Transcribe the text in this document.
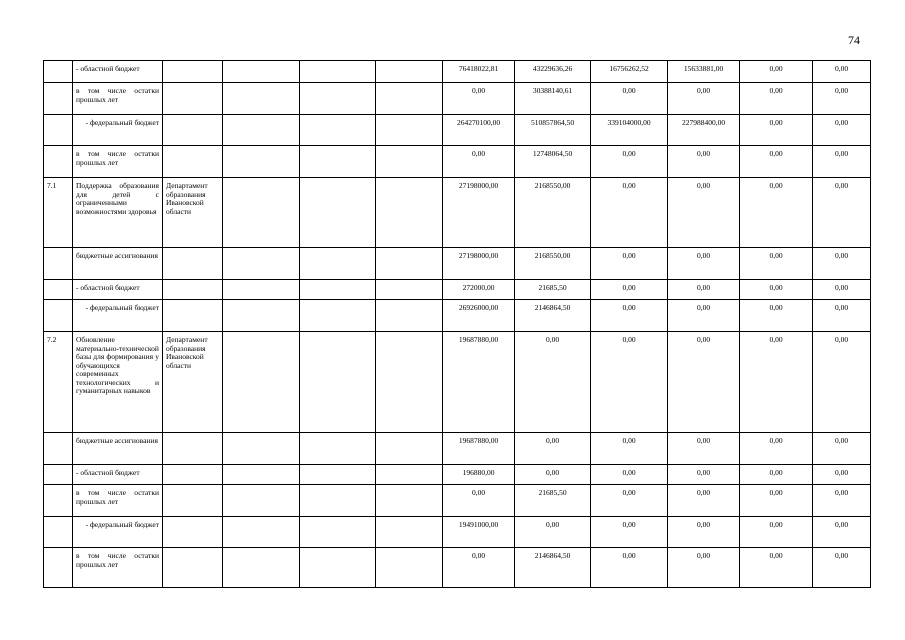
74
	- областной бюджет					76418022,81	43229636,26	16756262,52	15633881,00	0,00	0,00
	в том числе остатки прошлых лет					0,00	30388140,61	0,00	0,00	0,00	0,00
	- федеральный бюджет					264270100,00	510857864,50	339104000,00	227988400,00	0,00	0,00
	в том числе остатки прошлых лет					0,00	12748064,50	0,00	0,00	0,00	0,00
7.1	Поддержка образования для детей с ограниченными возможностями здоровья	Департамент образования Ивановской области				27198000,00	2168550,00	0,00	0,00	0,00	0,00
	бюджетные ассигнования					27198000,00	2168550,00	0,00	0,00	0,00	0,00
	- областной бюджет					272000,00	21685,50	0,00	0,00	0,00	0,00
	- федеральный бюджет					26926000,00	2146864,50	0,00	0,00	0,00	0,00
7.2	Обновление материально-технической базы для формирования у обучающихся современных технологических и гуманитарных навыков	Департамент образования Ивановской области				19687880,00	0,00	0,00	0,00	0,00	0,00
	бюджетные ассигнования					19687880,00	0,00	0,00	0,00	0,00	0,00
	- областной бюджет					196880,00	0,00	0,00	0,00	0,00	0,00
	в том числе остатки прошлых лет					0,00	21685,50	0,00	0,00	0,00	0,00
	- федеральный бюджет					19491000,00	0,00	0,00	0,00	0,00	0,00
	в том числе остатки прошлых лет					0,00	2146864,50	0,00	0,00	0,00	0,00
